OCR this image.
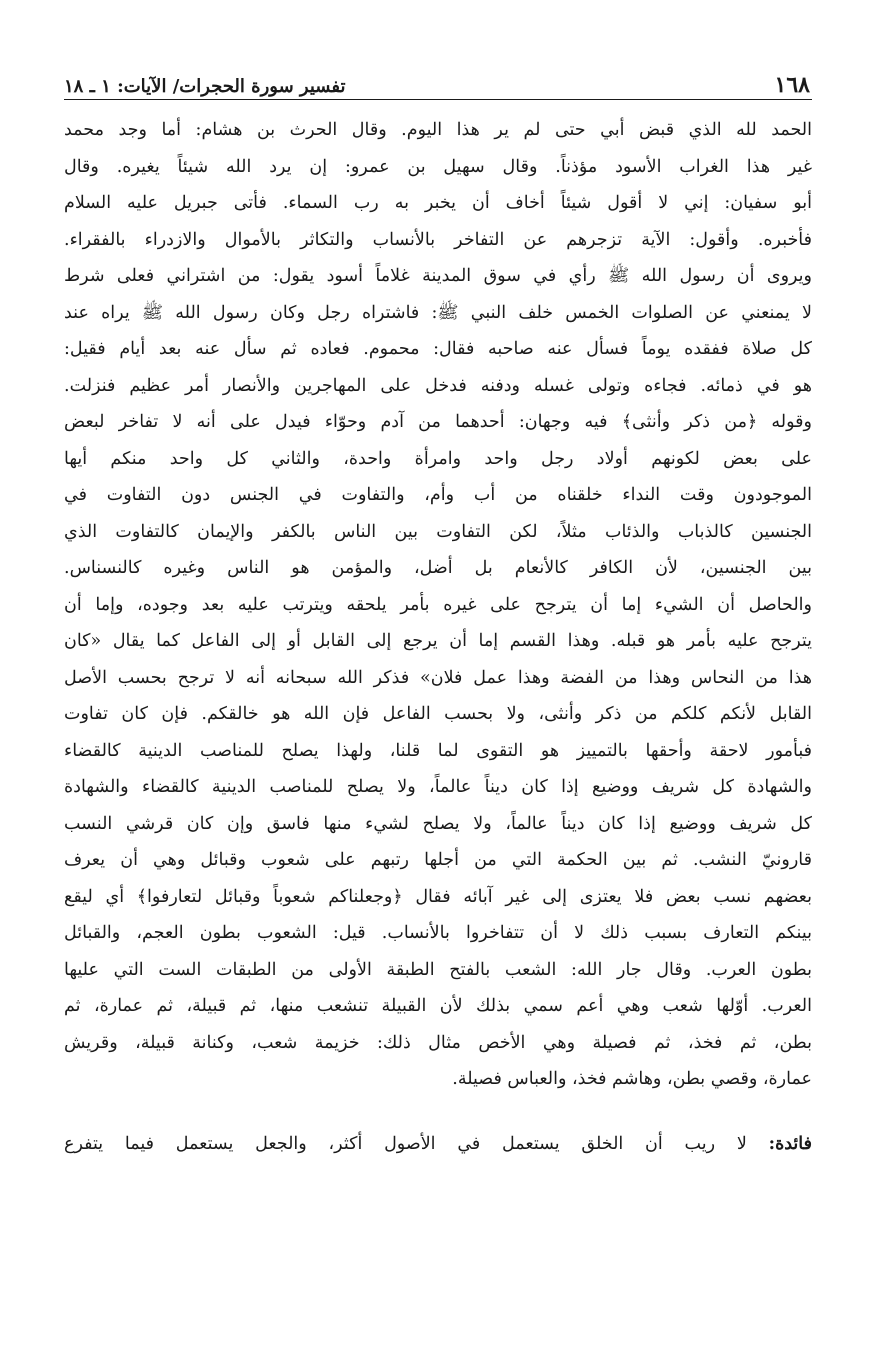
١٦٨
تفسير سورة الحجرات/ الآيات: ١ ـ ١٨
الحمد لله الذي قبض أبي حتى لم ير هذا اليوم. وقال الحرث بن هشام: أما وجد محمد
غير هذا الغراب الأسود مؤذناً. وقال سهيل بن عمرو: إن يرد الله شيئاً يغيره. وقال
أبو سفيان: إني لا أقول شيئاً أخاف أن يخبر به رب السماء. فأتى جبريل عليه السلام
فأخبره. وأقول: الآية تزجرهم عن التفاخر بالأنساب والتكاثر بالأموال والازدراء بالفقراء.
ويروى أن رسول الله ﷺ رأي في سوق المدينة غلاماً أسود يقول: من اشتراني فعلى شرط
لا يمنعني عن الصلوات الخمس خلف النبي ﷺ: فاشتراه رجل وكان رسول الله ﷺ يراه عند
كل صلاة ففقده يوماً فسأل عنه صاحبه فقال: محموم. فعاده ثم سأل عنه بعد أيام فقيل:
هو في ذمائه. فجاءه وتولى غسله ودفنه فدخل على المهاجرين والأنصار أمر عظيم فنزلت.
وقوله ﴿من ذكر وأنثى﴾ فيه وجهان: أحدهما من آدم وحوّاء فيدل على أنه لا تفاخر لبعض
على بعض لكونهم أولاد رجل واحد وامرأة واحدة، والثاني كل واحد منكم أيها
الموجودون وقت النداء خلقناه من أب وأم، والتفاوت في الجنس دون التفاوت في
الجنسين كالذباب والذئاب مثلاً، لكن التفاوت بين الناس بالكفر والإيمان كالتفاوت الذي
بين الجنسين، لأن الكافر كالأنعام بل أضل، والمؤمن هو الناس وغيره كالنسناس.
والحاصل أن الشيء إما أن يترجح على غيره بأمر يلحقه ويترتب عليه بعد وجوده، وإما أن
يترجح عليه بأمر هو قبله. وهذا القسم إما أن يرجع إلى القابل أو إلى الفاعل كما يقال «كان
هذا من النحاس وهذا من الفضة وهذا عمل فلان» فذكر الله سبحانه أنه لا ترجح بحسب الأصل
القابل لأنكم كلكم من ذكر وأنثى، ولا بحسب الفاعل فإن الله هو خالقكم. فإن كان تفاوت
فبأمور لاحقة وأحقها بالتمييز هو التقوى لما قلنا، ولهذا يصلح للمناصب الدينية كالقضاء
والشهادة كل شريف ووضيع إذا كان ديناً عالماً، ولا يصلح للمناصب الدينية كالقضاء والشهادة
كل شريف ووضيع إذا كان ديناً عالماً، ولا يصلح لشيء منها فاسق وإن كان قرشي النسب
قارونيّ النشب. ثم بين الحكمة التي من أجلها رتبهم على شعوب وقبائل وهي أن يعرف
بعضهم نسب بعض فلا يعتزى إلى غير آبائه فقال ﴿وجعلناكم شعوباً وقبائل لتعارفوا﴾ أي ليقع
بينكم التعارف بسبب ذلك لا أن تتفاخروا بالأنساب. قيل: الشعوب بطون العجم، والقبائل
بطون العرب. وقال جار الله: الشعب بالفتح الطبقة الأولى من الطبقات الست التي عليها
العرب. أوّلها شعب وهي أعم سمي بذلك لأن القبيلة تنشعب منها، ثم قبيلة، ثم عمارة، ثم
بطن، ثم فخذ، ثم فصيلة وهي الأخص مثال ذلك: خزيمة شعب، وكنانة قبيلة، وقريش
عمارة، وقصي بطن، وهاشم فخذ، والعباس فصيلة.
فائدة: لا ريب أن الخلق يستعمل في الأصول أكثر، والجعل يستعمل فيما يتفرع
